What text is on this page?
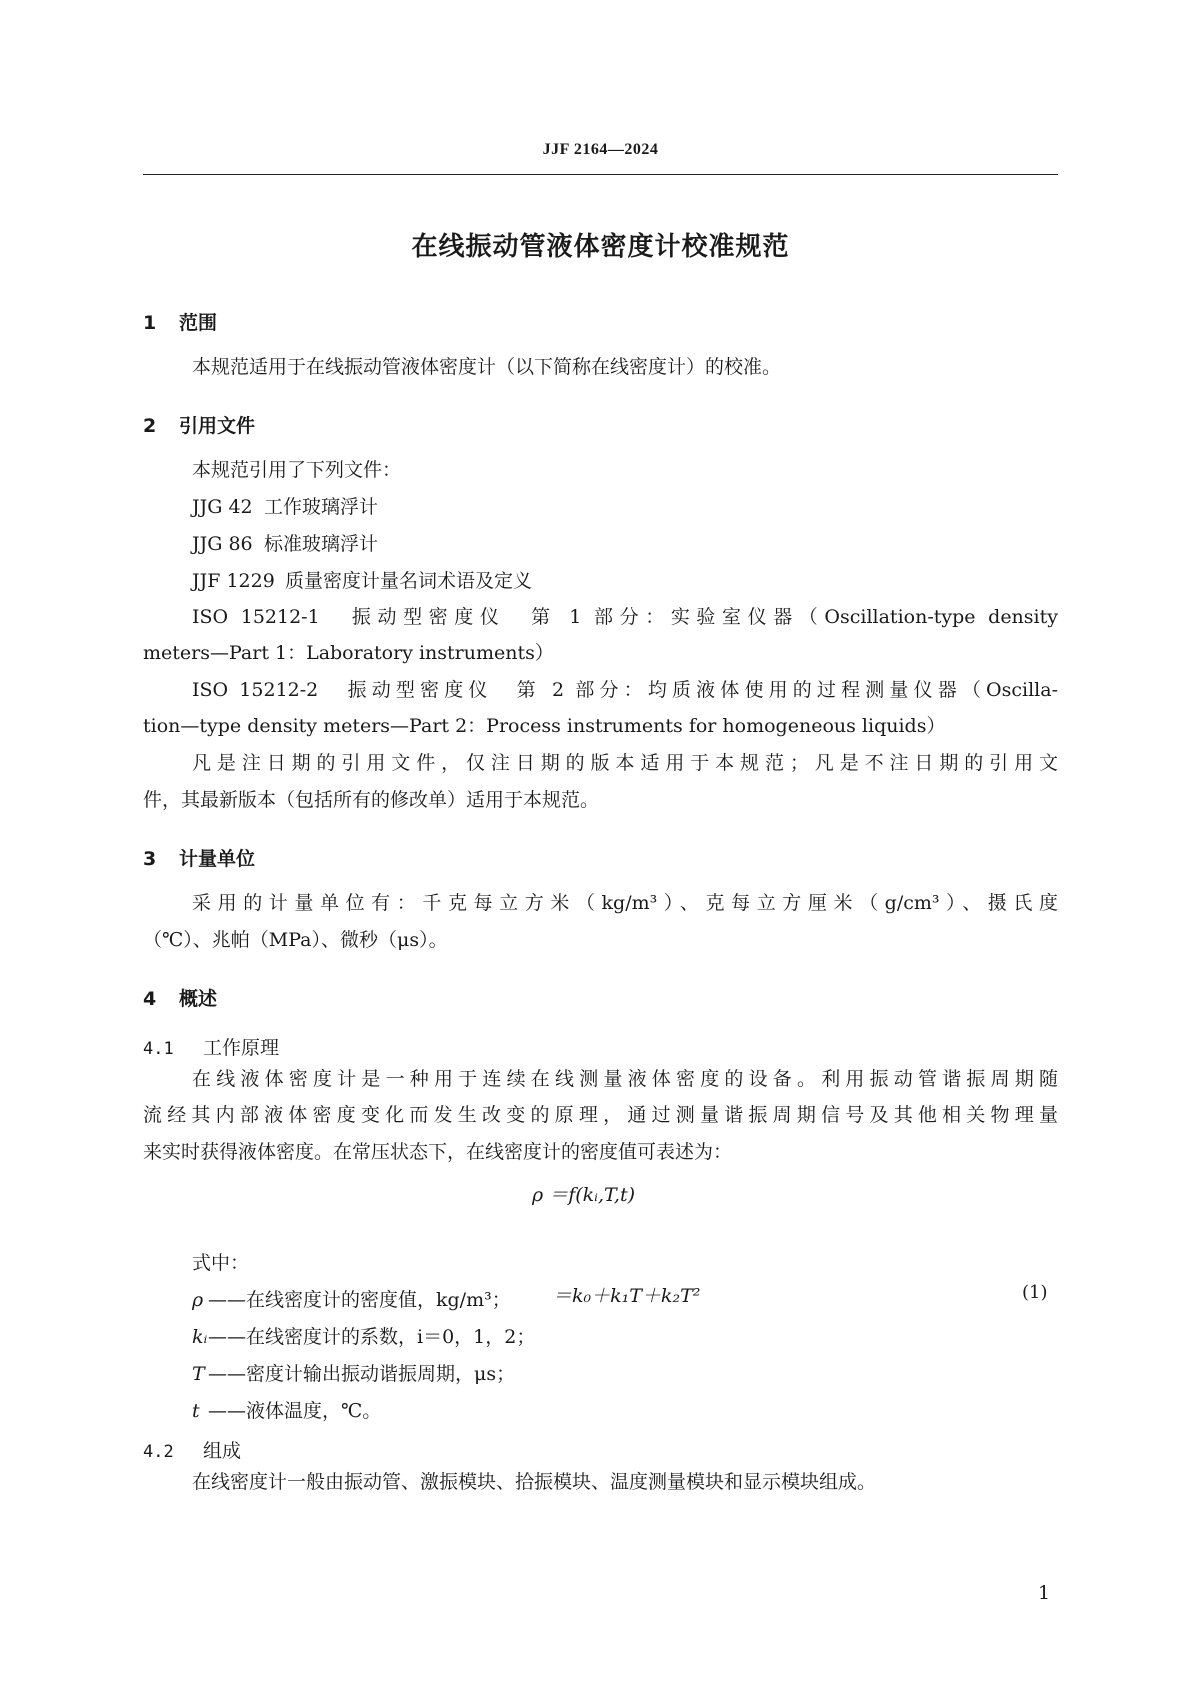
JJF 2164—2024
在线振动管液体密度计校准规范
1 范围
本规范适用于在线振动管液体密度计（以下简称在线密度计）的校准。
2 引用文件
本规范引用了下列文件：
JJG 42 工作玻璃浮计
JJG 86 标准玻璃浮计
JJF 1229 质量密度计量名词术语及定义
ISO 15212-1　振动型密度仪　第 1 部分：实验室仪器（Oscillation-type density
meters—Part 1：Laboratory instruments）
ISO 15212-2　振动型密度仪　第 2 部分：均质液体使用的过程测量仪器（Oscilla-
tion—type density meters—Part 2：Process instruments for homogeneous liquids）
凡是注日期的引用文件，仅注日期的版本适用于本规范；凡是不注日期的引用文
件，其最新版本（包括所有的修改单）适用于本规范。
3 计量单位
采用的计量单位有：千克每立方米（kg/m³）、克每立方厘米（g/cm³）、摄氏度
（℃）、兆帕（MPa）、微秒（μs）。
4 概述
4.1 工作原理
在线液体密度计是一种用于连续在线测量液体密度的设备。利用振动管谐振周期随
流经其内部液体密度变化而发生改变的原理，通过测量谐振周期信号及其他相关物理量
来实时获得液体密度。在常压状态下，在线密度计的密度值可表述为：
ρ ＝f(kᵢ,T,t)
＝k₀＋k₁T＋k₂T²	(1)
式中：
ρ ——在线密度计的密度值，kg/m³；
kᵢ——在线密度计的系数，i＝0，1，2；
T ——密度计输出振动谐振周期，μs；
t ——液体温度，℃。
4.2 组成
在线密度计一般由振动管、激振模块、拾振模块、温度测量模块和显示模块组成。
1
